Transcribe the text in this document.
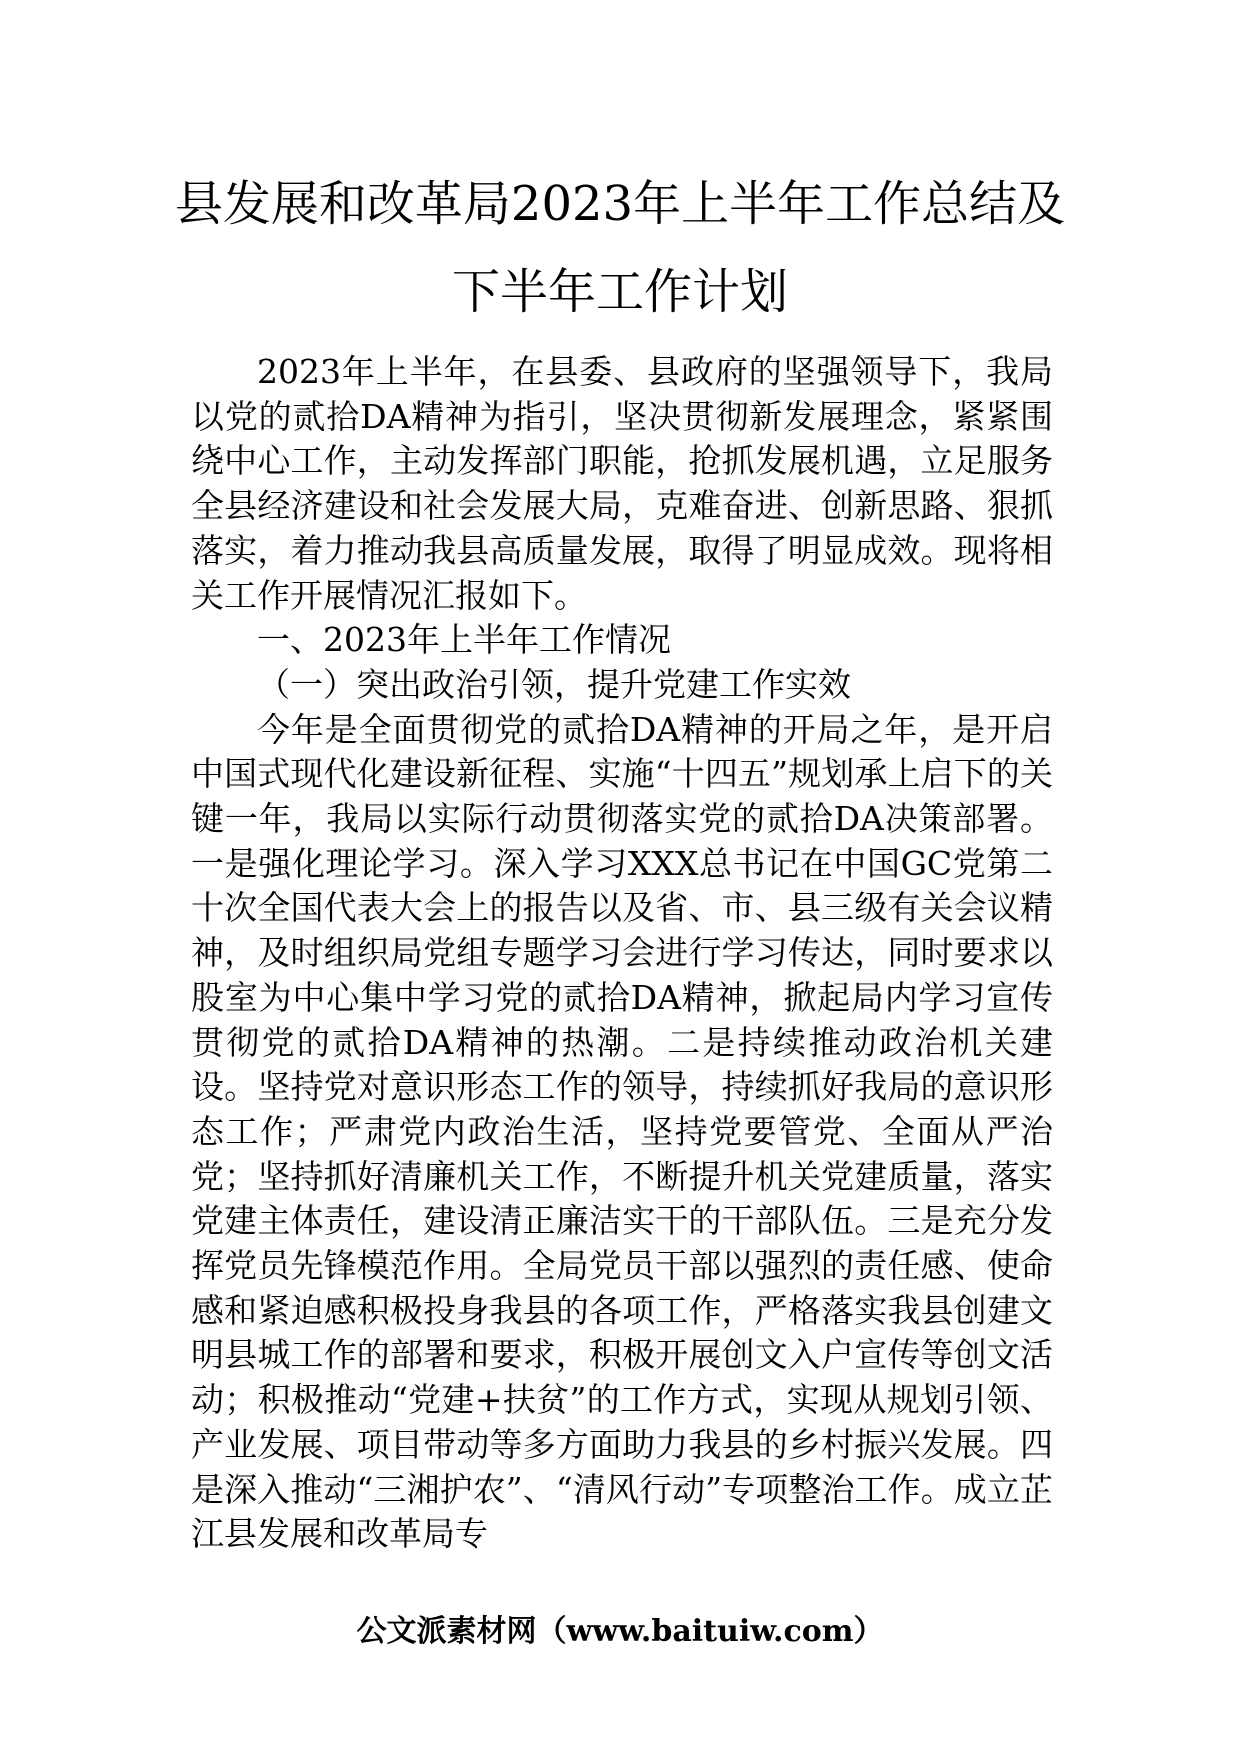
县发展和改革局2023年上半年工作总结及
下半年工作计划

2023年上半年，在县委、县政府的坚强领导下，我局以党的贰拾DA精神为指引，坚决贯彻新发展理念，紧紧围绕中心工作，主动发挥部门职能，抢抓发展机遇，立足服务全县经济建设和社会发展大局，克难奋进、创新思路、狠抓落实，着力推动我县高质量发展，取得了明显成效。现将相关工作开展情况汇报如下。

一、2023年上半年工作情况

（一）突出政治引领，提升党建工作实效

今年是全面贯彻党的贰拾DA精神的开局之年，是开启中国式现代化建设新征程、实施“十四五”规划承上启下的关键一年，我局以实际行动贯彻落实党的贰拾DA决策部署。一是强化理论学习。深入学习XXX总书记在中国GC党第二十次全国代表大会上的报告以及省、市、县三级有关会议精神，及时组织局党组专题学习会进行学习传达，同时要求以股室为中心集中学习党的贰拾DA精神，掀起局内学习宣传贯彻党的贰拾DA精神的热潮。二是持续推动政治机关建设。坚持党对意识形态工作的领导，持续抓好我局的意识形态工作；严肃党内政治生活，坚持党要管党、全面从严治党；坚持抓好清廉机关工作，不断提升机关党建质量，落实党建主体责任，建设清正廉洁实干的干部队伍。三是充分发挥党员先锋模范作用。全局党员干部以强烈的责任感、使命感和紧迫感积极投身我县的各项工作，严格落实我县创建文明县城工作的部署和要求，积极开展创文入户宣传等创文活动；积极推动“党建+扶贫”的工作方式，实现从规划引领、产业发展、项目带动等多方面助力我县的乡村振兴发展。四是深入推动“三湘护农”、“清风行动”专项整治工作。成立芷江县发展和改革局专

公文派素材网（www.baituiw.com）
